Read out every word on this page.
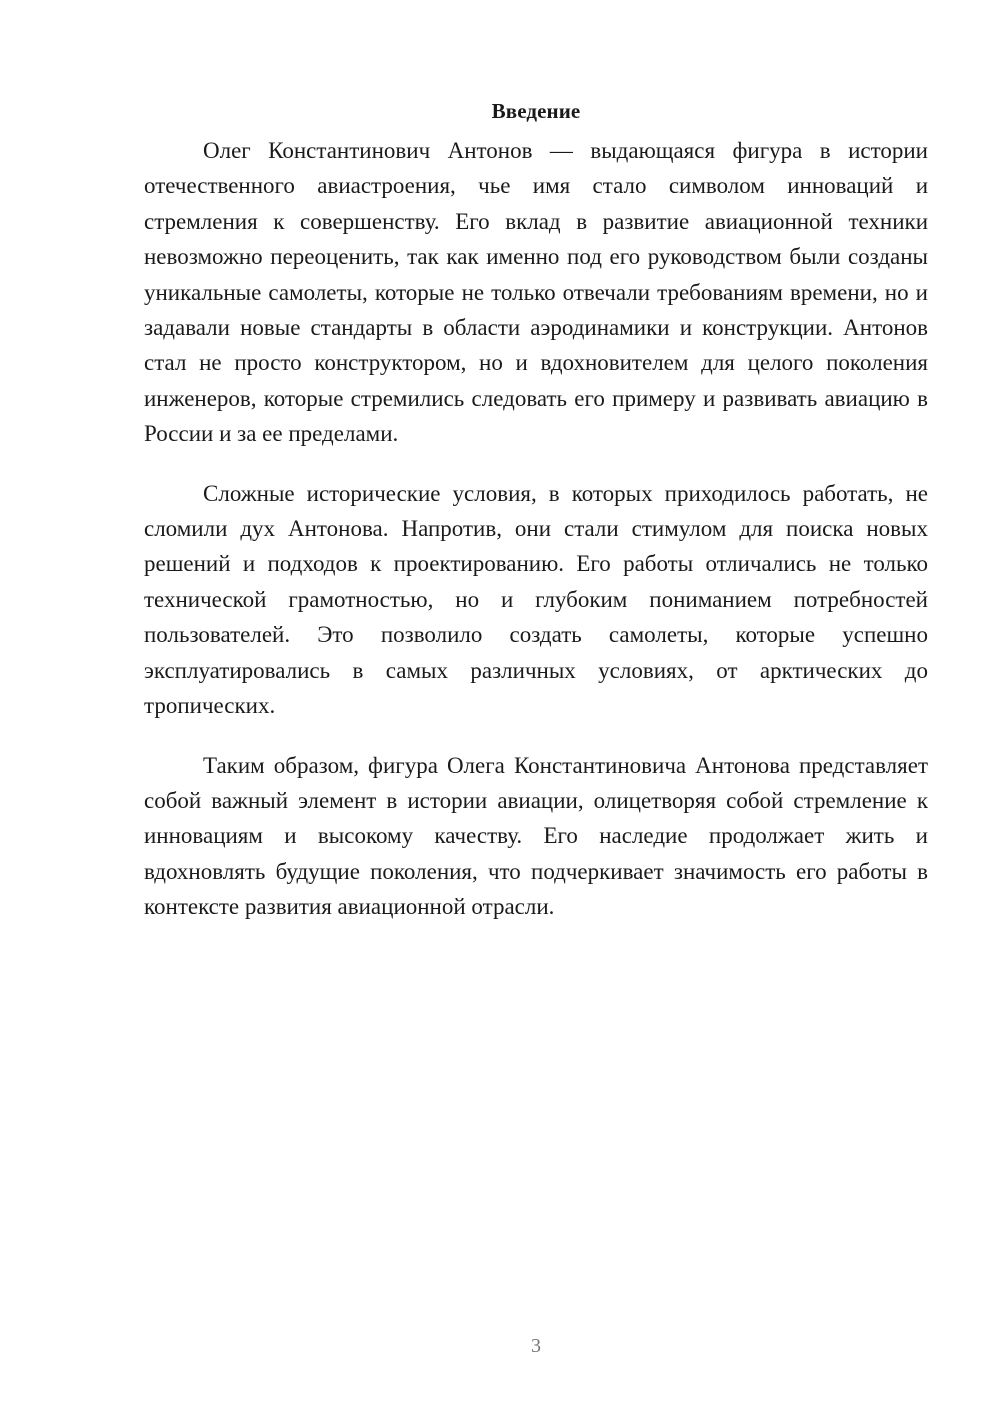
Введение

Олег Константинович Антонов — выдающаяся фигура в истории отечественного авиастроения, чье имя стало символом инноваций и стремления к совершенству. Его вклад в развитие авиационной техники невозможно переоценить, так как именно под его руководством были созданы уникальные самолеты, которые не только отвечали требованиям времени, но и задавали новые стандарты в области аэродинамики и конструкции. Антонов стал не просто конструктором, но и вдохновителем для целого поколения инженеров, которые стремились следовать его примеру и развивать авиацию в России и за ее пределами.

Сложные исторические условия, в которых приходилось работать, не сломили дух Антонова. Напротив, они стали стимулом для поиска новых решений и подходов к проектированию. Его работы отличались не только технической грамотностью, но и глубоким пониманием потребностей пользователей. Это позволило создать самолеты, которые успешно эксплуатировались в самых различных условиях, от арктических до тропических.

Таким образом, фигура Олега Константиновича Антонова представляет собой важный элемент в истории авиации, олицетворяя собой стремление к инновациям и высокому качеству. Его наследие продолжает жить и вдохновлять будущие поколения, что подчеркивает значимость его работы в контексте развития авиационной отрасли.

3
